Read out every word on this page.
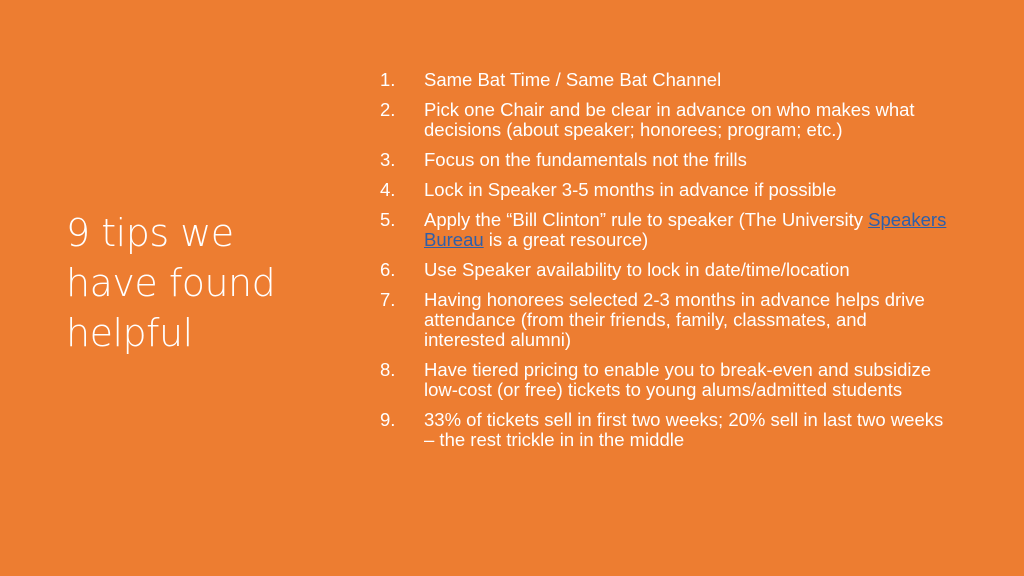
9 tips we
have found
helpful
1.	Same Bat Time / Same Bat Channel
2.	Pick one Chair and be clear in advance on who makes what decisions (about speaker; honorees; program; etc.)
3.	Focus on the fundamentals not the frills
4.	Lock in Speaker 3-5 months in advance if possible
5.	Apply the “Bill Clinton” rule to speaker (The University Speakers Bureau is a great resource)
6.	Use Speaker availability to lock in date/time/location
7.	Having honorees selected 2-3 months in advance helps drive attendance (from their friends, family, classmates, and interested alumni)
8.	Have tiered pricing to enable you to break-even and subsidize low-cost (or free) tickets to young alums/admitted students
9.	33% of tickets sell in first two weeks; 20% sell in last two weeks – the rest trickle in in the middle
